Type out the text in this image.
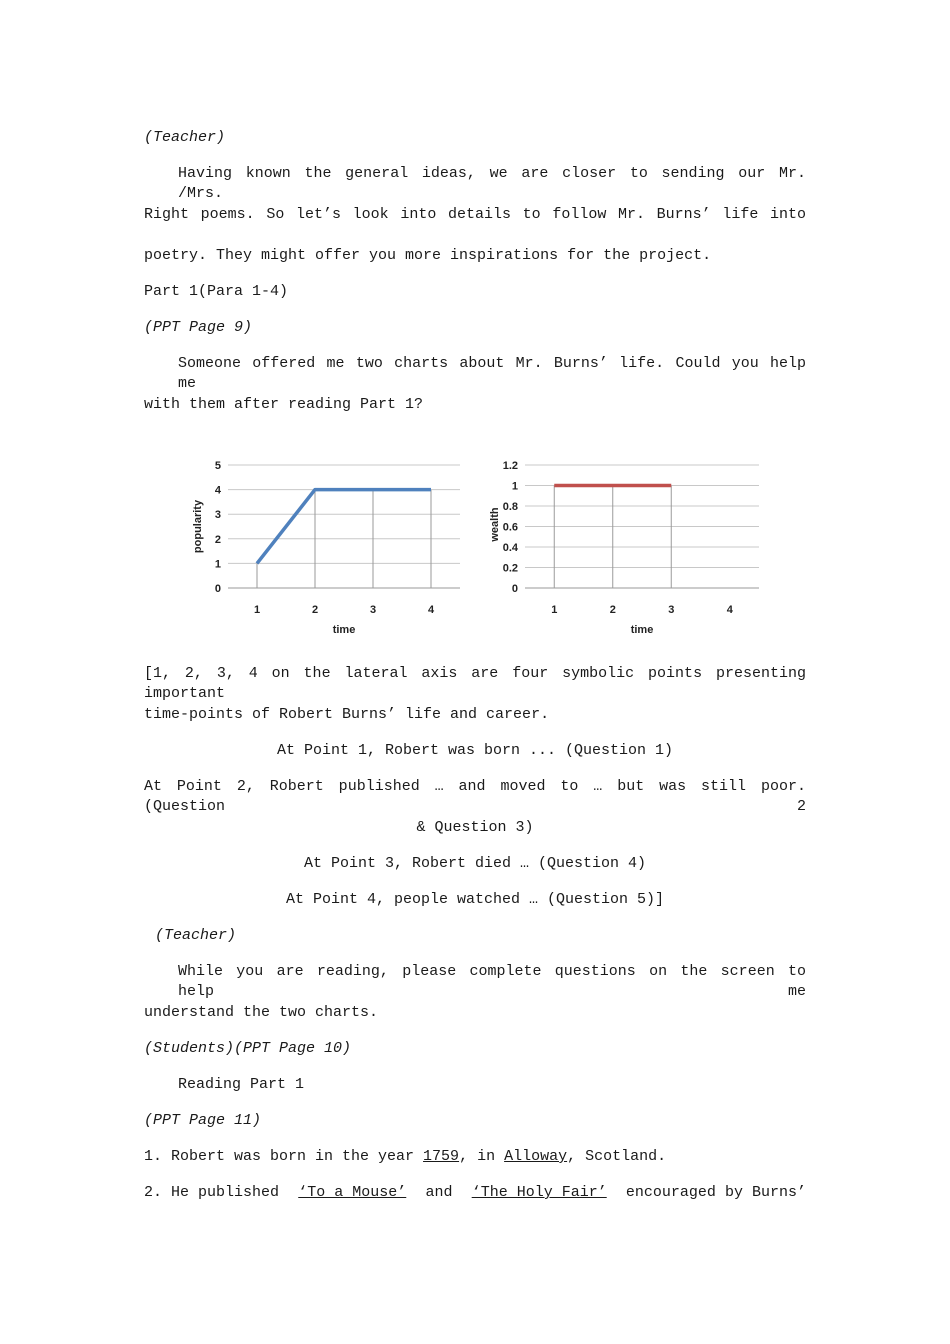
(Teacher)
Having known the general ideas, we are closer to sending our Mr. /Mrs.
Right poems. So let’s look into details to follow Mr. Burns’ life into
poetry. They might offer you more inspirations for the project.
Part 1(Para 1-4)
(PPT Page 9)
Someone offered me two charts about Mr. Burns’ life. Could you help me
with them after reading Part 1?
0
1
2
3
4
5
1	2	3	4
time
popularity
0
0.2
0.4
0.6
0.8
1
1.2
1	2	3	4
time
wealth
[1, 2, 3, 4 on the lateral axis are four symbolic points presenting important
time-points of Robert Burns’ life and career.
At Point 1, Robert was born ... (Question 1)
At Point 2, Robert published … and moved to … but was still poor. (Question 2
& Question 3)
At Point 3, Robert died … (Question 4)
At Point 4, people watched … (Question 5)]
(Teacher)
While you are reading, please complete questions on the screen to help me
understand the two charts.
(Students)(PPT Page 10)
Reading Part 1
(PPT Page 11)
1. Robert was born in the year 1759, in Alloway, Scotland.
2. He published	‘To a Mouse’	and	‘The Holy Fair’	encouraged by Burns’
